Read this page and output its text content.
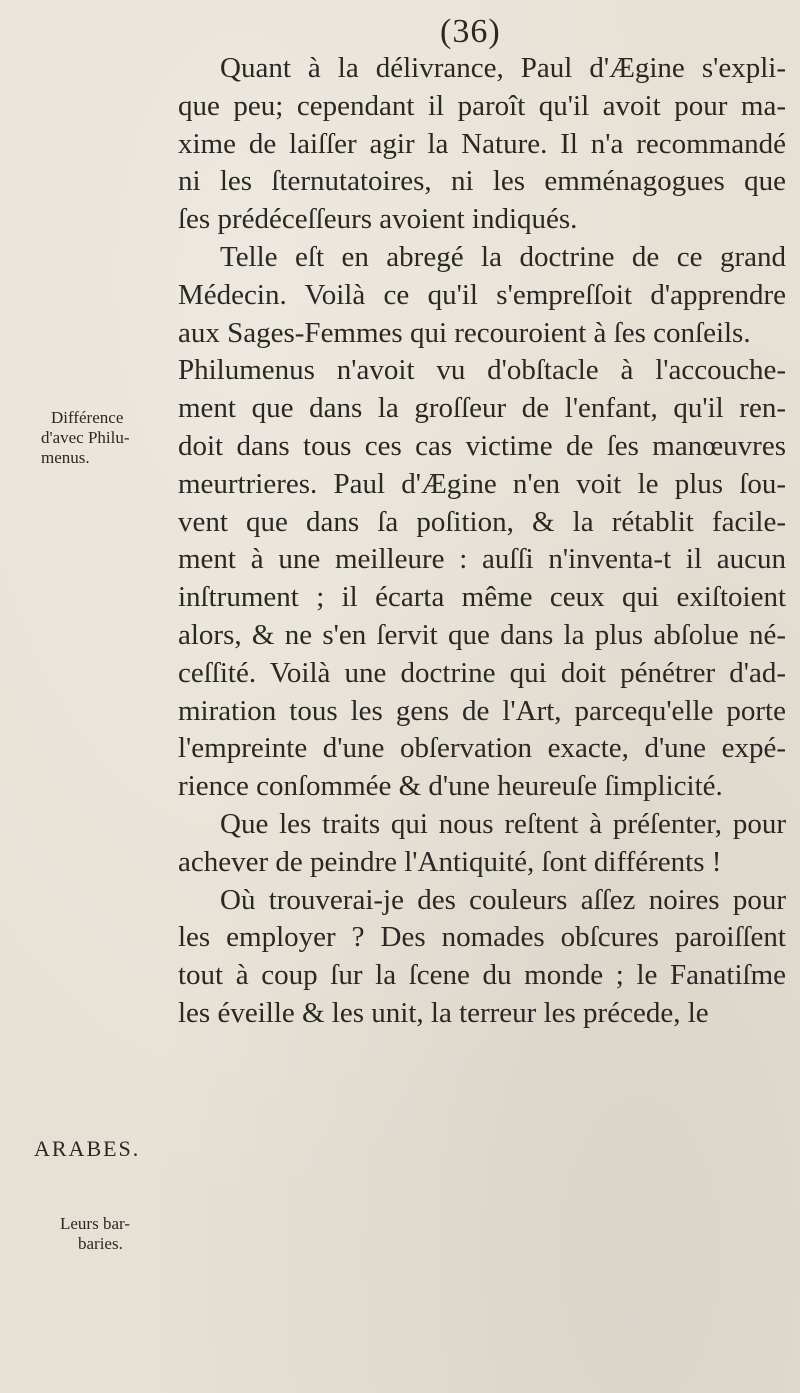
(36)
Différence
d'avec Philu-
menus.
ARABES.
Leurs bar-
baries.
Quant à la délivrance, Paul d'Ægine s'expli-
que peu; cependant il paroît qu'il avoit pour ma-
xime de laiſſer agir la Nature. Il n'a recommandé
ni les ſternutatoires, ni les emménagogues que
ſes prédéceſſeurs avoient indiqués.
Telle eſt en abregé la doctrine de ce grand
Médecin. Voilà ce qu'il s'empreſſoit d'apprendre
aux Sages-Femmes qui recouroient à ſes conſeils.
Philumenus n'avoit vu d'obſtacle à l'accouche-
ment que dans la groſſeur de l'enfant, qu'il ren-
doit dans tous ces cas victime de ſes manœuvres
meurtrieres. Paul d'Ægine n'en voit le plus ſou-
vent que dans ſa poſition, & la rétablit facile-
ment à une meilleure : auſſi n'inventa-t il aucun
inſtrument ; il écarta même ceux qui exiſtoient
alors, & ne s'en ſervit que dans la plus abſolue né-
ceſſité. Voilà une doctrine qui doit pénétrer d'ad-
miration tous les gens de l'Art, parcequ'elle porte
l'empreinte d'une obſervation exacte, d'une expé-
rience conſommée & d'une heureuſe ſimplicité.
Que les traits qui nous reſtent à préſenter, pour
achever de peindre l'Antiquité, ſont différents !
Où trouverai-je des couleurs aſſez noires pour
les employer ? Des nomades obſcures paroiſſent
tout à coup ſur la ſcene du monde ; le Fanatiſme
les éveille & les unit, la terreur les précede, le
